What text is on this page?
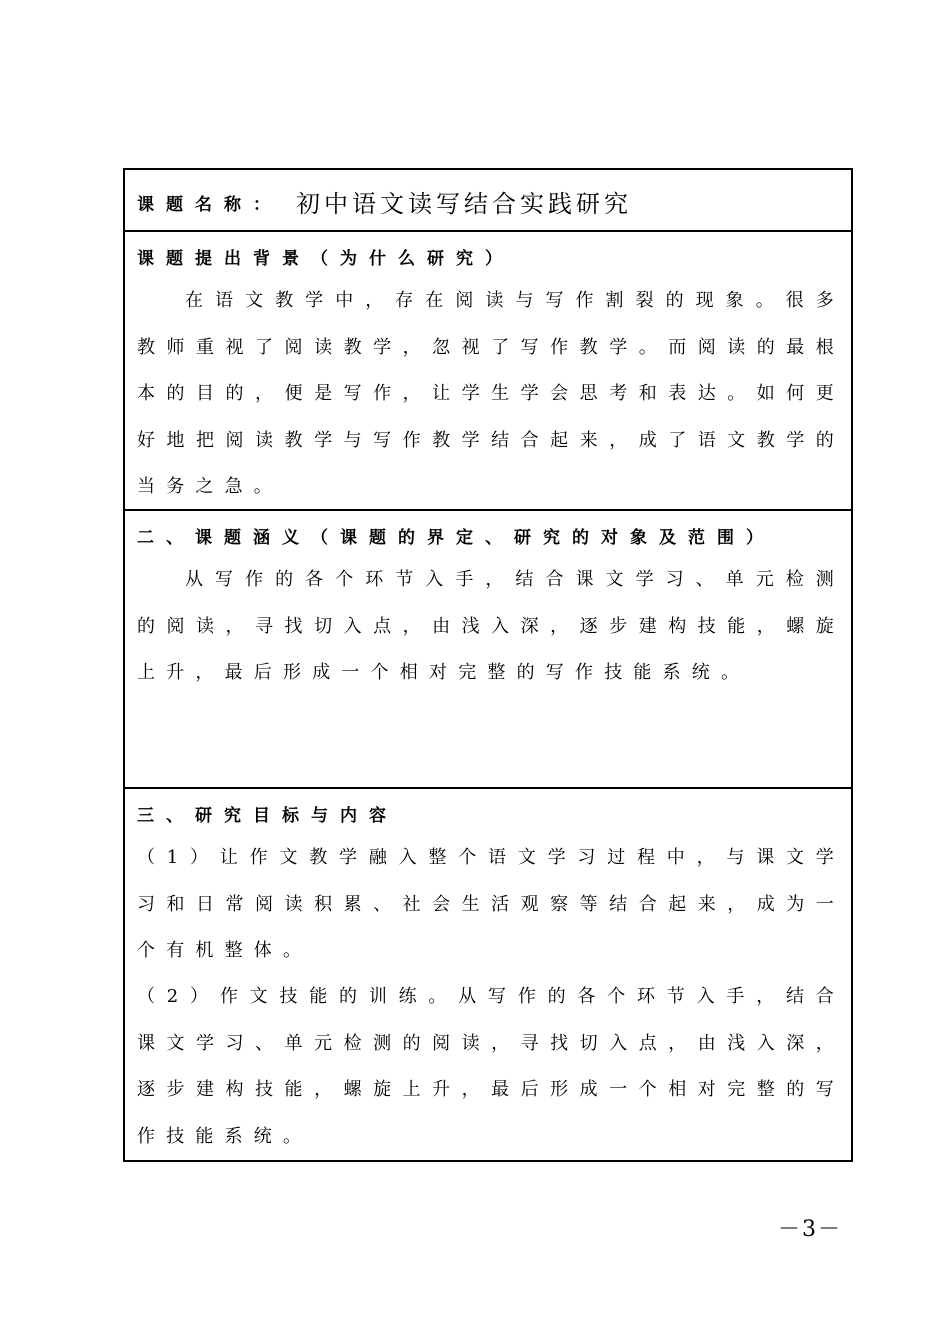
课题名称： 初中语文读写结合实践研究
课题提出背景（为什么研究）
在语文教学中，存在阅读与写作割裂的现象。很多教师重视了阅读教学，忽视了写作教学。而阅读的最根本的目的，便是写作，让学生学会思考和表达。如何更好地把阅读教学与写作教学结合起来，成了语文教学的当务之急。
二、课题涵义（课题的界定、研究的对象及范围）
从写作的各个环节入手，结合课文学习、单元检测的阅读，寻找切入点，由浅入深，逐步建构技能，螺旋上升，最后形成一个相对完整的写作技能系统。
三、研究目标与内容
（1）让作文教学融入整个语文学习过程中，与课文学习和日常阅读积累、社会生活观察等结合起来，成为一个有机整体。
（2）作文技能的训练。从写作的各个环节入手，结合课文学习、单元检测的阅读，寻找切入点，由浅入深，逐步建构技能，螺旋上升，最后形成一个相对完整的写作技能系统。
－3－
